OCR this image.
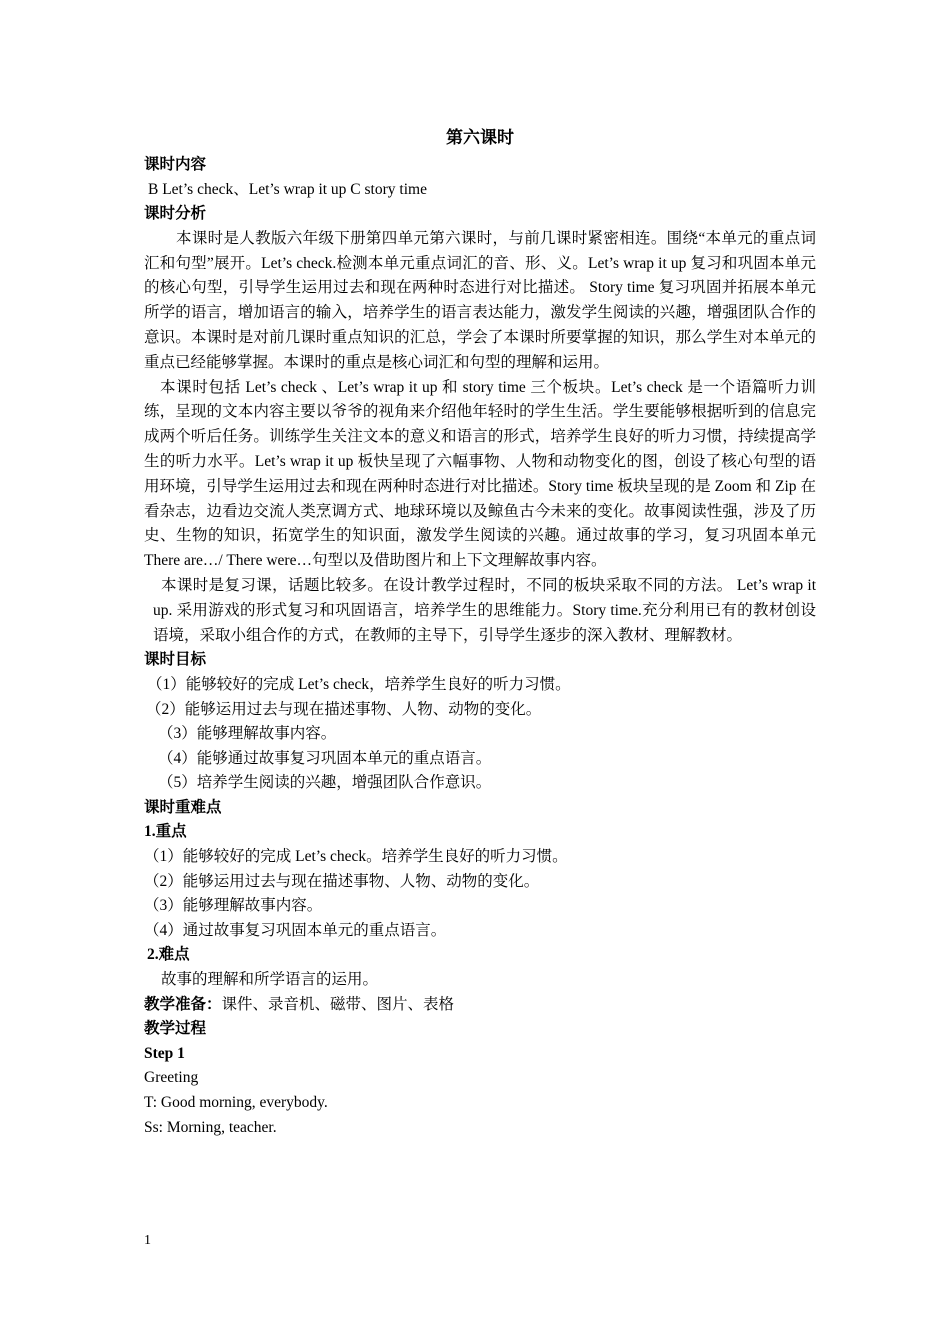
第六课时
课时内容
B Let’s check、Let’s wrap it up C story time
课时分析
本课时是人教版六年级下册第四单元第六课时，与前几课时紧密相连。围绕“本单元的重点词汇和句型”展开。Let’s check.检测本单元重点词汇的音、形、义。Let’s wrap it up 复习和巩固本单元的核心句型，引导学生运用过去和现在两种时态进行对比描述。 Story time 复习巩固并拓展本单元所学的语言，增加语言的输入，培养学生的语言表达能力，激发学生阅读的兴趣，增强团队合作的意识。本课时是对前几课时重点知识的汇总，学会了本课时所要掌握的知识，那么学生对本单元的重点已经能够掌握。本课时的重点是核心词汇和句型的理解和运用。
本课时包括 Let’s check 、Let’s wrap it up 和 story time 三个板块。Let’s check 是一个语篇听力训练，呈现的文本内容主要以爷爷的视角来介绍他年轻时的学生生活。学生要能够根据听到的信息完成两个听后任务。训练学生关注文本的意义和语言的形式，培养学生良好的听力习惯，持续提高学生的听力水平。Let’s wrap it up 板快呈现了六幅事物、人物和动物变化的图，创设了核心句型的语用环境，引导学生运用过去和现在两种时态进行对比描述。Story time 板块呈现的是 Zoom 和 Zip 在看杂志，边看边交流人类烹调方式、地球环境以及鲸鱼古今未来的变化。故事阅读性强，涉及了历史、生物的知识，拓宽学生的知识面，激发学生阅读的兴趣。通过故事的学习，复习巩固本单元 There are…/ There were…句型以及借助图片和上下文理解故事内容。
本课时是复习课，话题比较多。在设计教学过程时，不同的板块采取不同的方法。 Let’s wrap it up. 采用游戏的形式复习和巩固语言，培养学生的思维能力。Story time.充分利用已有的教材创设语境，采取小组合作的方式，在教师的主导下，引导学生逐步的深入教材、理解教材。
课时目标
（1）能够较好的完成 Let’s check，培养学生良好的听力习惯。
（2）能够运用过去与现在描述事物、人物、动物的变化。
（3）能够理解故事内容。
（4）能够通过故事复习巩固本单元的重点语言。
（5）培养学生阅读的兴趣，增强团队合作意识。
课时重难点
1.重点
（1）能够较好的完成 Let’s check。培养学生良好的听力习惯。
（2）能够运用过去与现在描述事物、人物、动物的变化。
（3）能够理解故事内容。
（4）通过故事复习巩固本单元的重点语言。
2.难点
故事的理解和所学语言的运用。
教学准备：课件、录音机、磁带、图片、表格
教学过程
Step 1
Greeting
T: Good morning, everybody.
Ss: Morning, teacher.
1
